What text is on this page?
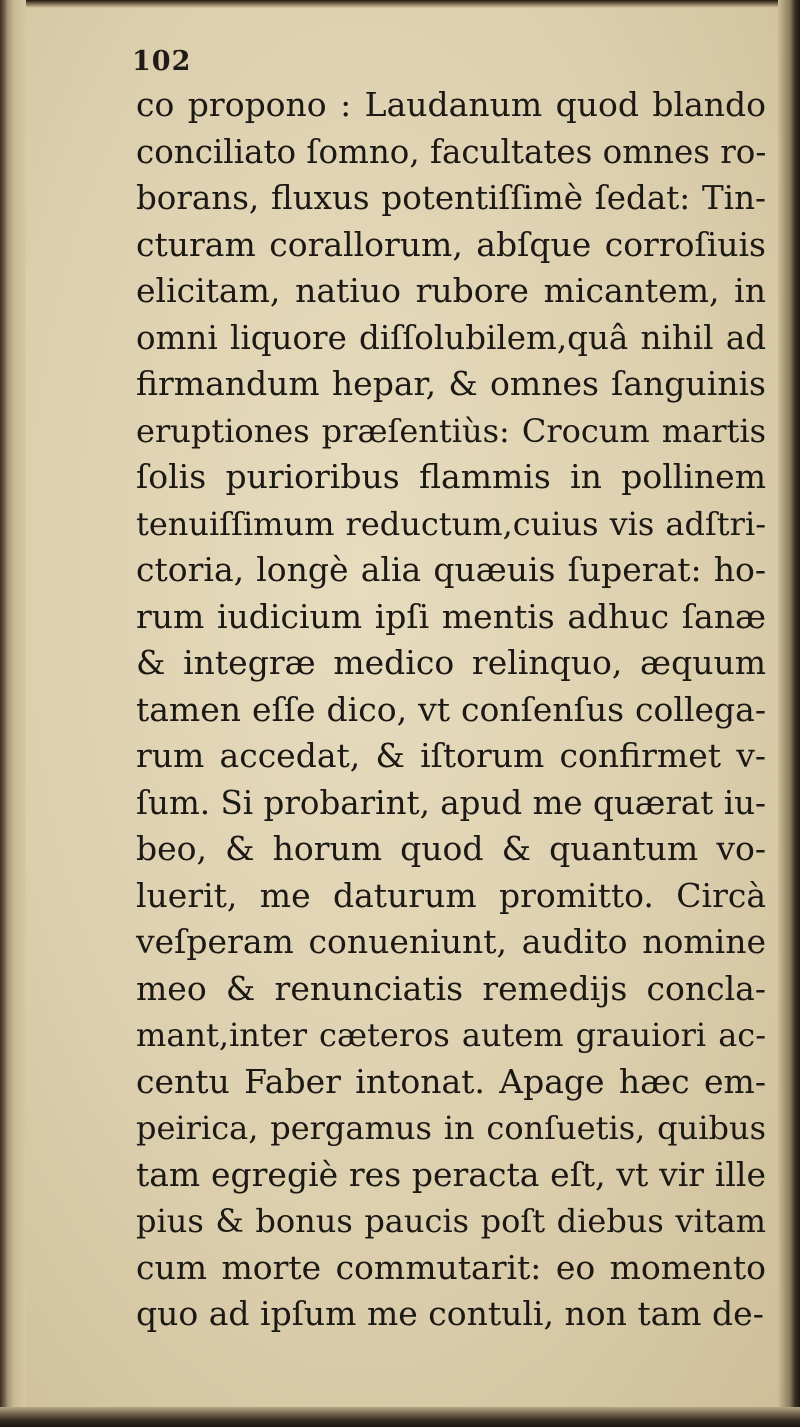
102

co propono : Laudanum quod blando
conciliato ſomno, facultates omnes ro-
borans, fluxus potentiſſimè ſedat: Tin-
cturam corallorum, abſque corroſiuis
elicitam, natiuo rubore micantem, in
omni liquore diſſolubilem,quâ nihil ad
firmandum hepar, & omnes ſanguinis
eruptiones præſentiùs: Crocum martis
ſolis purioribus flammis in pollinem
tenuiſſimum reductum,cuius vis adſtri-
ctoria, longè alia quæuis ſuperat: ho-
rum iudicium ipſi mentis adhuc ſanæ
& integræ medico relinquo, æquum
tamen eſſe dico, vt conſenſus collega-
rum accedat, & iſtorum confirmet v-
ſum. Si probarint, apud me quærat iu-
beo, & horum quod & quantum vo-
luerit, me daturum promitto. Circà
veſperam conueniunt, audito nomine
meo & renunciatis remedijs concla-
mant,inter cæteros autem grauiori ac-
centu Faber intonat. Apage hæc em-
peirica, pergamus in conſuetis, quibus
tam egregiè res peracta eſt, vt vir ille
pius & bonus paucis poſt diebus vitam
cum morte commutarit: eo momento
quo ad ipſum me contuli, non tam de-
